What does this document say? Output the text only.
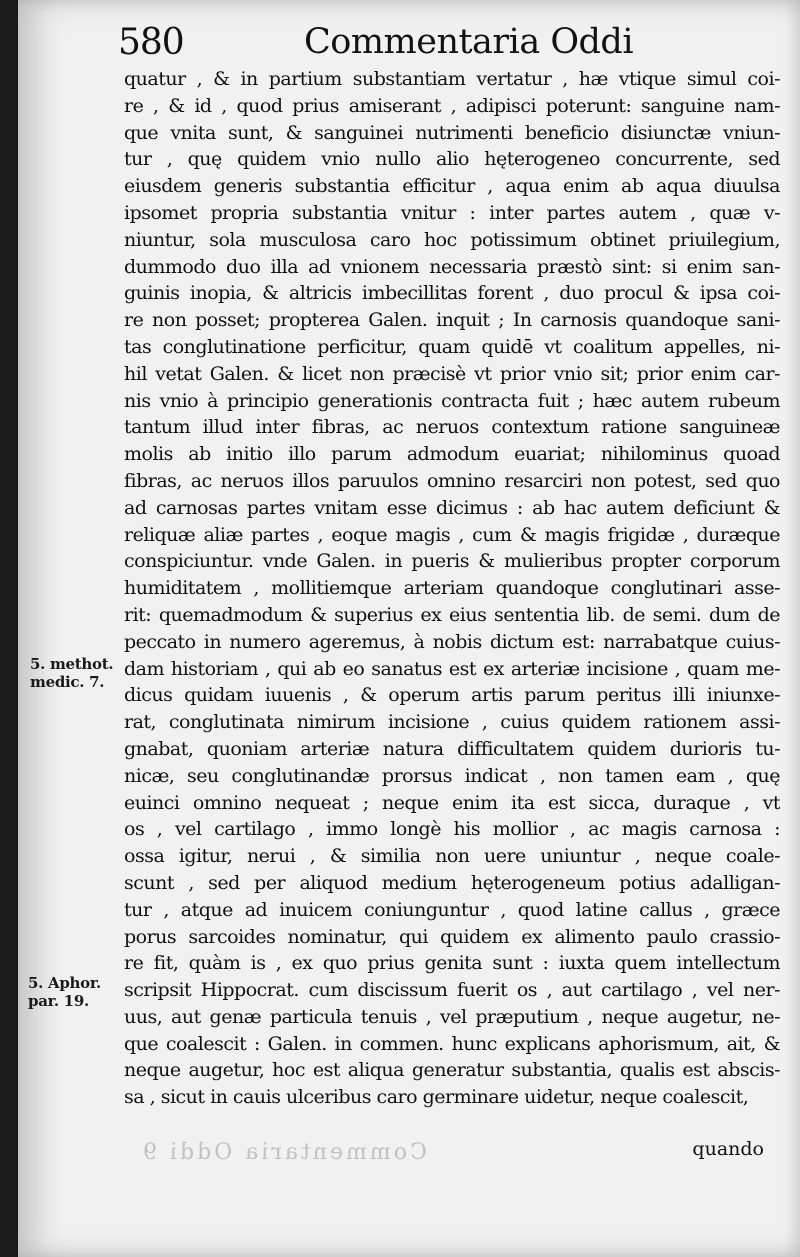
580	Commentaria Oddi
quatur , & in partium substantiam vertatur , hæ vtique simul coi-
re , & id , quod prius amiserant , adipisci poterunt: sanguine nam-
que vnita sunt, & sanguinei nutrimenti beneficio disiunctæ vniun-
tur , quę quidem vnio nullo alio hęterogeneo concurrente, sed
eiusdem generis substantia efficitur , aqua enim ab aqua diuulsa
ipsomet propria substantia vnitur : inter partes autem , quæ v-
niuntur, sola musculosa caro hoc potissimum obtinet priuilegium,
dummodo duo illa ad vnionem necessaria præstò sint: si enim san-
guinis inopia, & altricis imbecillitas forent , duo procul & ipsa coi-
re non posset; propterea Galen. inquit ; In carnosis quandoque sani-
tas conglutinatione perficitur, quam quidē vt coalitum appelles, ni-
hil vetat Galen. & licet non præcisè vt prior vnio sit; prior enim car-
nis vnio à principio generationis contracta fuit ; hæc autem rubeum
tantum illud inter fibras, ac neruos contextum ratione sanguineæ
molis ab initio illo parum admodum euariat; nihilominus quoad
fibras, ac neruos illos paruulos omnino resarciri non potest, sed quo
ad carnosas partes vnitam esse dicimus : ab hac autem deficiunt &
reliquæ aliæ partes , eoque magis , cum & magis frigidæ , duræque
conspiciuntur. vnde Galen. in pueris & mulieribus propter corporum
humiditatem , mollitiemque arteriam quandoque conglutinari asse-
rit: quemadmodum & superius ex eius sententia lib. de semi. dum de
peccato in numero ageremus, à nobis dictum est: narrabatque cuius-
dam historiam , qui ab eo sanatus est ex arteriæ incisione , quam me-
dicus quidam iuuenis , & operum artis parum peritus illi iniunxe-
rat, conglutinata nimirum incisione , cuius quidem rationem assi-
gnabat, quoniam arteriæ natura difficultatem quidem durioris tu-
nicæ, seu conglutinandæ prorsus indicat , non tamen eam , quę
euinci omnino nequeat ; neque enim ita est sicca, duraque , vt
os , vel cartilago , immo longè his mollior , ac magis carnosa :
ossa igitur, nerui , & similia non uere uniuntur , neque coale-
scunt , sed per aliquod medium hęterogeneum potius adalligan-
tur , atque ad inuicem coniunguntur , quod latine callus , græce
porus sarcoides nominatur, qui quidem ex alimento paulo crassio-
re fit, quàm is , ex quo prius genita sunt : iuxta quem intellectum
scripsit Hippocrat. cum discissum fuerit os , aut cartilago , vel ner-
uus, aut genæ particula tenuis , vel præputium , neque augetur, ne-
que coalescit : Galen. in commen. hunc explicans aphorismum, ait, &
neque augetur, hoc est aliqua generatur substantia, qualis est abscis-
sa , sicut in cauis ulceribus caro germinare uidetur, neque coalescit,
5. methot.
medic. 7.
5. Aphor.
par. 19.
Commentaria Oddi 9	quando
